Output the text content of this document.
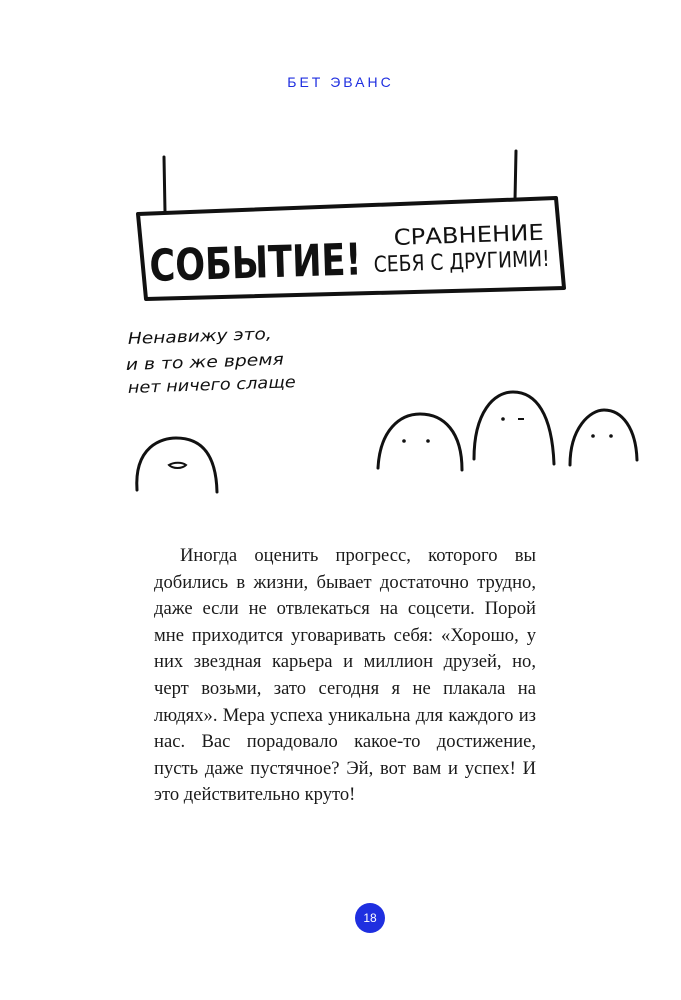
БЕТ ЭВАНС
СОБЫТИЕ!
СРАВНЕНИЕ
СЕБЯ С ДРУГИМИ!
Ненавижу это,
и в то же время
нет ничего слаще

Иногда оценить прогресс, которого вы добились в жизни, бывает достаточно трудно, даже если не отвлекаться на соцсети. Порой мне приходится уговаривать себя: «Хорошо, у них звездная карьера и миллион друзей, но, черт возьми, зато сегодня я не плакала на людях». Мера успеха уникальна для каждого из нас. Вас порадовало какое-то достижение, пусть даже пустячное? Эй, вот вам и успех! И это действительно круто!

18
